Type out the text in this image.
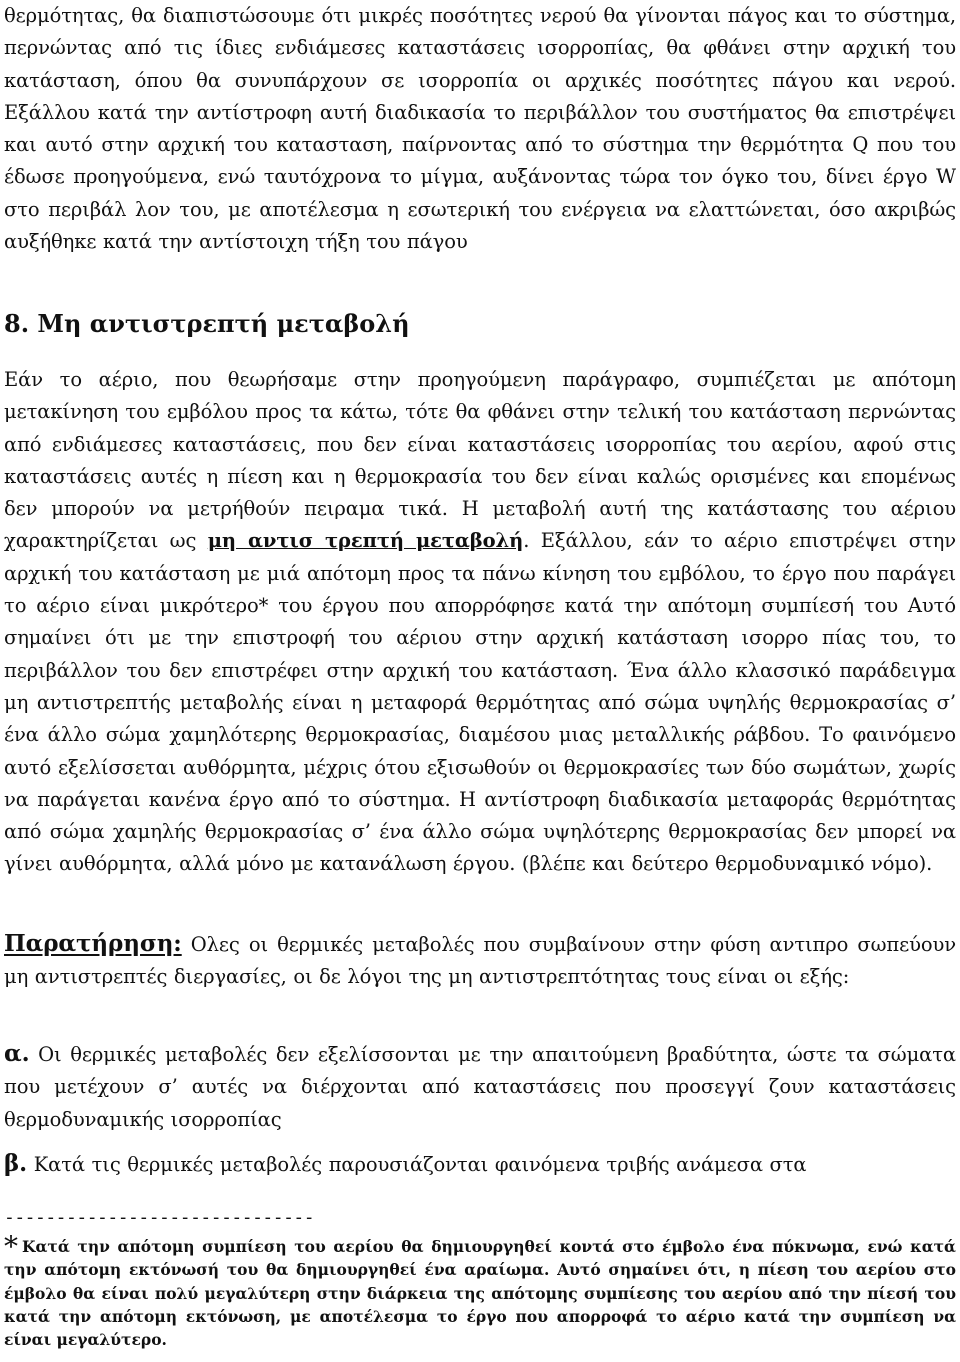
θερμότητας, θα διαπιστώσουμε ότι μικρές ποσότητες νερού θα γίνονται πάγος και το σύστημα, περνώντας από τις ίδιες ενδιάμεσες καταστάσεις ισορροπίας, θα φθάνει στην αρχική του κατάσταση, όπου θα συνυπάρχουν σε ισορροπία οι αρχικές ποσότητες πάγου και νερού. Εξάλλου κατά την αντίστροφη αυτή διαδικασία το περιβάλλον του συστήματος θα επιστρέψει και αυτό στην αρχική του κατασταση, παίρνοντας από το σύστημα την θερμότητα Q που του έδωσε προηγούμενα, ενώ ταυτόχρονα το μίγμα, αυξάνοντας τώρα τον όγκο του, δίνει έργο W στο περιβάλ λον του, με αποτέλεσμα η εσωτερική του ενέργεια να ελαττώνεται, όσο ακριβώς αυξήθηκε κατά την αντίστοιχη τήξη του πάγου

8. Μη αντιστρεπτή μεταβολή

Εάν το αέριο, που θεωρήσαμε στην προηγούμενη παράγραφο, συμπιέζεται με απότομη μετακίνηση του εμβόλου προς τα κάτω, τότε θα φθάνει στην τελική του κατάσταση περνώντας από ενδιάμεσες καταστάσεις, που δεν είναι καταστάσεις ισορροπίας του αερίου, αφού στις καταστάσεις αυτές η πίεση και η θερμοκρασία του δεν είναι καλώς ορισμένες και επομένως δεν μπορούν να μετρήθούν πειραμα τικά. Η μεταβολή αυτή της κατάστασης του αέριου χαρακτηρίζεται ως μη αντισ τρεπτή μεταβολή. Εξάλλου, εάν το αέριο επιστρέψει στην αρχική του κατάσταση με μιά απότομη προς τα πάνω κίνηση του εμβόλου, το έργο που παράγει το αέριο είναι μικρότερο* του έργου που απορρόφησε κατά την απότομη συμπίεσή του Αυτό σημαίνει ότι με την επιστροφή του αέριου στην αρχική κατάσταση ισορρο πίας του, το περιβάλλον του δεν επιστρέφει στην αρχική του κατάσταση. Ένα άλλο κλασσικό παράδειγμα μη αντιστρεπτής μεταβολής είναι η μεταφορά θερμότητας από σώμα υψηλής θερμοκρασίας σ’ ένα άλλο σώμα χαμηλότερης θερμοκρασίας, διαμέσου μιας μεταλλικής ράβδου. Το φαινόμενο αυτό εξελίσσεται αυθόρμητα, μέχρις ότου εξισωθούν οι θερμοκρασίες των δύο σωμάτων, χωρίς να παράγεται κανένα έργο από το σύστημα. Η αντίστροφη διαδικασία μεταφοράς θερμότητας από σώμα χαμηλής θερμοκρασίας σ’ ένα άλλο σώμα υψηλότερης θερμοκρασίας δεν μπορεί να γίνει αυθόρμητα, αλλά μόνο με κατανάλωση έργου. (βλέπε και δεύτερο θερμοδυναμικό νόμο).

Παρατήρηση: Ολες οι θερμικές μεταβολές που συμβαίνουν στην φύση αντιπρο σωπεύουν μη αντιστρεπτές διεργασίες, οι δε λόγοι της μη αντιστρεπτότητας τους είναι οι εξής:

α. Οι θερμικές μεταβολές δεν εξελίσσονται με την απαιτούμενη βραδύτητα, ώστε τα σώματα που μετέχουν σ’ αυτές να διέρχονται από καταστάσεις που προσεγγί ζουν καταστάσεις θερμοδυναμικής ισορροπίας

β. Κατά τις θερμικές μεταβολές παρουσιάζονται φαινόμενα τριβής ανάμεσα στα

------------------------------

* Κατά την απότομη συμπίεση του αερίου θα δημιουργηθεί κοντά στο έμβολο ένα πύκνωμα, ενώ κατά την απότομη εκτόνωσή του θα δημιουργηθεί ένα αραίωμα. Αυτό σημαίνει ότι, η πίεση του αερίου στο έμβολο θα είναι πολύ μεγαλύτερη στην διάρκεια της απότομης συμπίεσης του αερίου από την πίεσή του κατά την απότομη εκτόνωση, με αποτέλεσμα το έργο που απορροφά το αέριο κατά την συμπίεση να είναι μεγαλύτερο.
